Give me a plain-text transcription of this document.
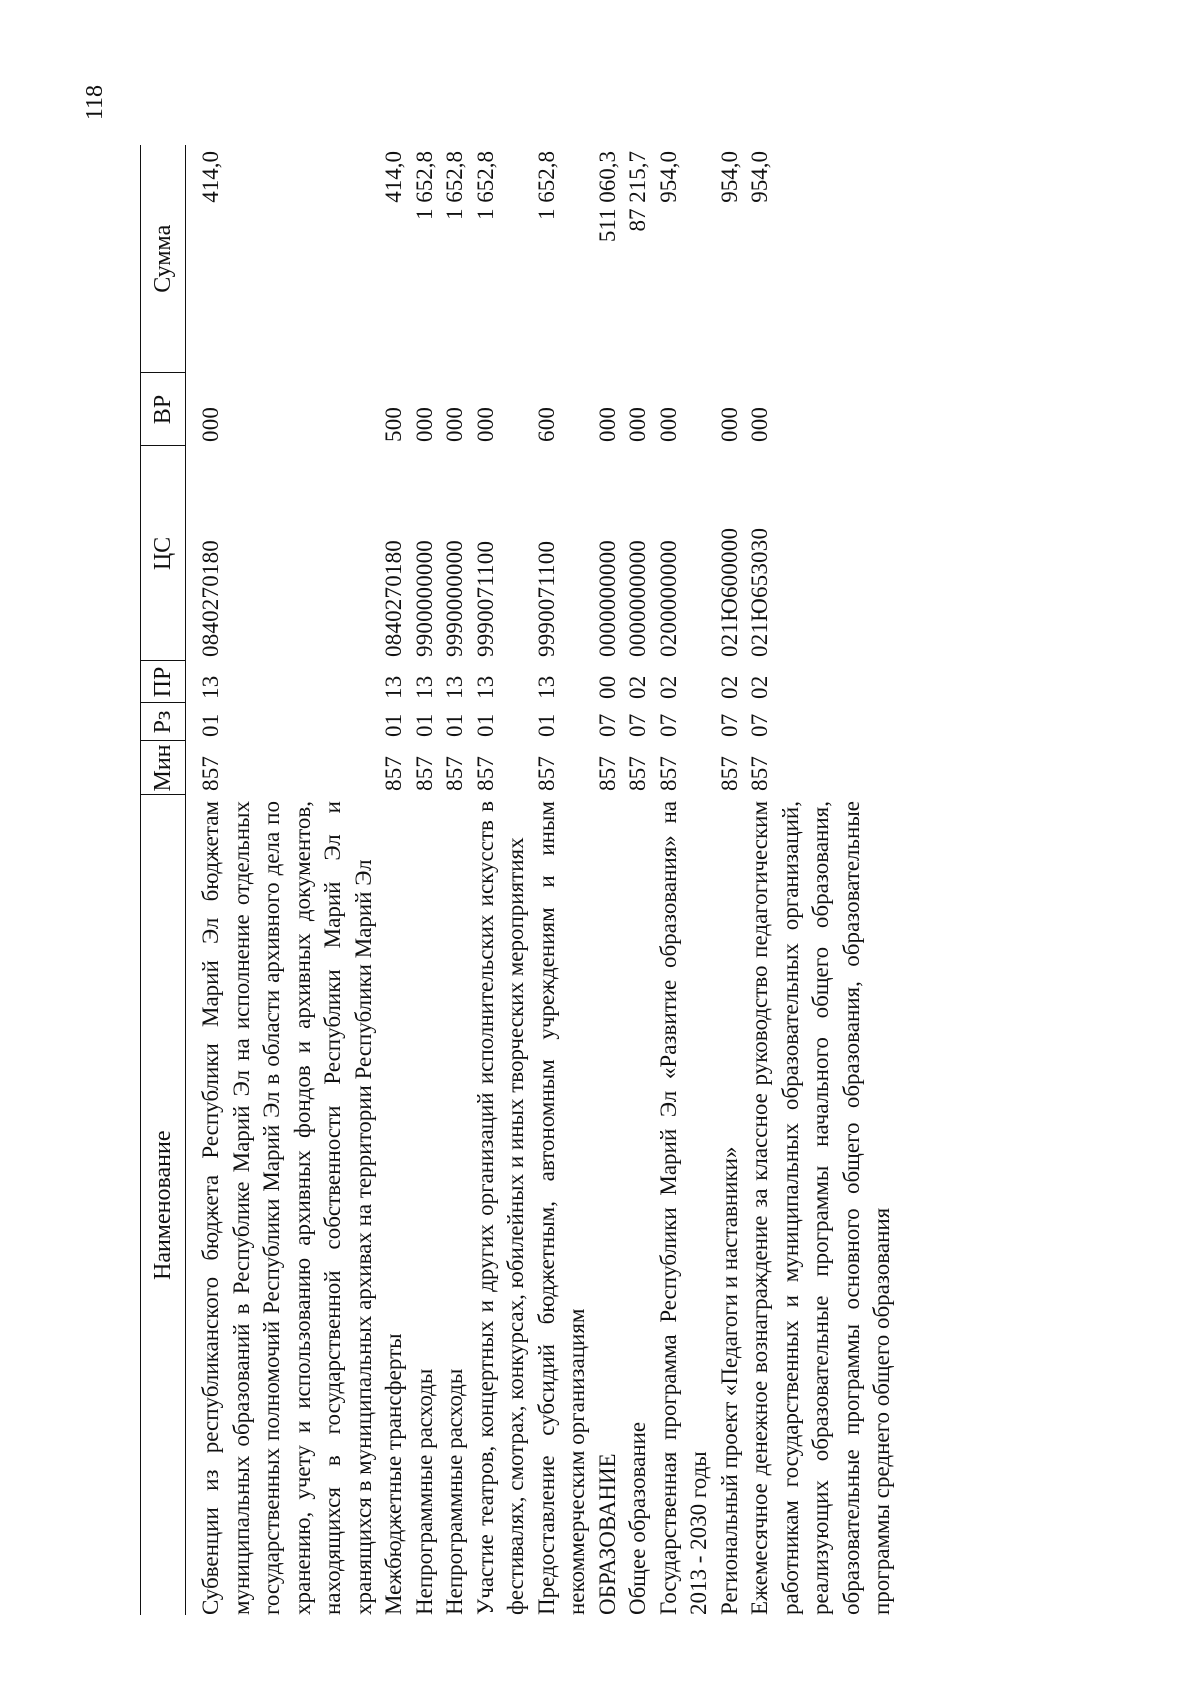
118
Наименование	Мин	Рз	ПР	ЦС	ВР	Сумма
Субвенции из республиканского бюджета Республики Марий Эл бюджетам муниципальных образований в Республике Марий Эл на исполнение отдельных государственных полномочий Республики Марий Эл в области архивного дела по хранению, учету и использованию архивных фондов и архивных документов, находящихся в государственной собственности Республики Марий Эл и хранящихся в муниципальных архивах на территории Республики Марий Эл	857	01	13	0840270180	000	414,0
Межбюджетные трансферты	857	01	13	0840270180	500	414,0
Непрограммные расходы	857	01	13	9900000000	000	1 652,8
Непрограммные расходы	857	01	13	9990000000	000	1 652,8
Участие театров, концертных и других организаций исполнительских искусств в фестивалях, смотрах, конкурсах, юбилейных и иных творческих мероприятиях	857	01	13	9990071100	000	1 652,8
Предоставление субсидий бюджетным, автономным учреждениям и иным некоммерческим организациям	857	01	13	9990071100	600	1 652,8
ОБРАЗОВАНИЕ	857	07	00	0000000000	000	511 060,3
Общее образование	857	07	02	0000000000	000	87 215,7
Государственная программа Республики Марий Эл «Развитие образования» на 2013 - 2030 годы	857	07	02	0200000000	000	954,0
Региональный проект «Педагоги и наставники»	857	07	02	021Ю600000	000	954,0
Ежемесячное денежное вознаграждение за классное руководство педагогическим работникам государственных и муниципальных образовательных организаций, реализующих образовательные программы начального общего образования, образовательные программы основного общего образования, образовательные программы среднего общего образования	857	07	02	021Ю653030	000	954,0
